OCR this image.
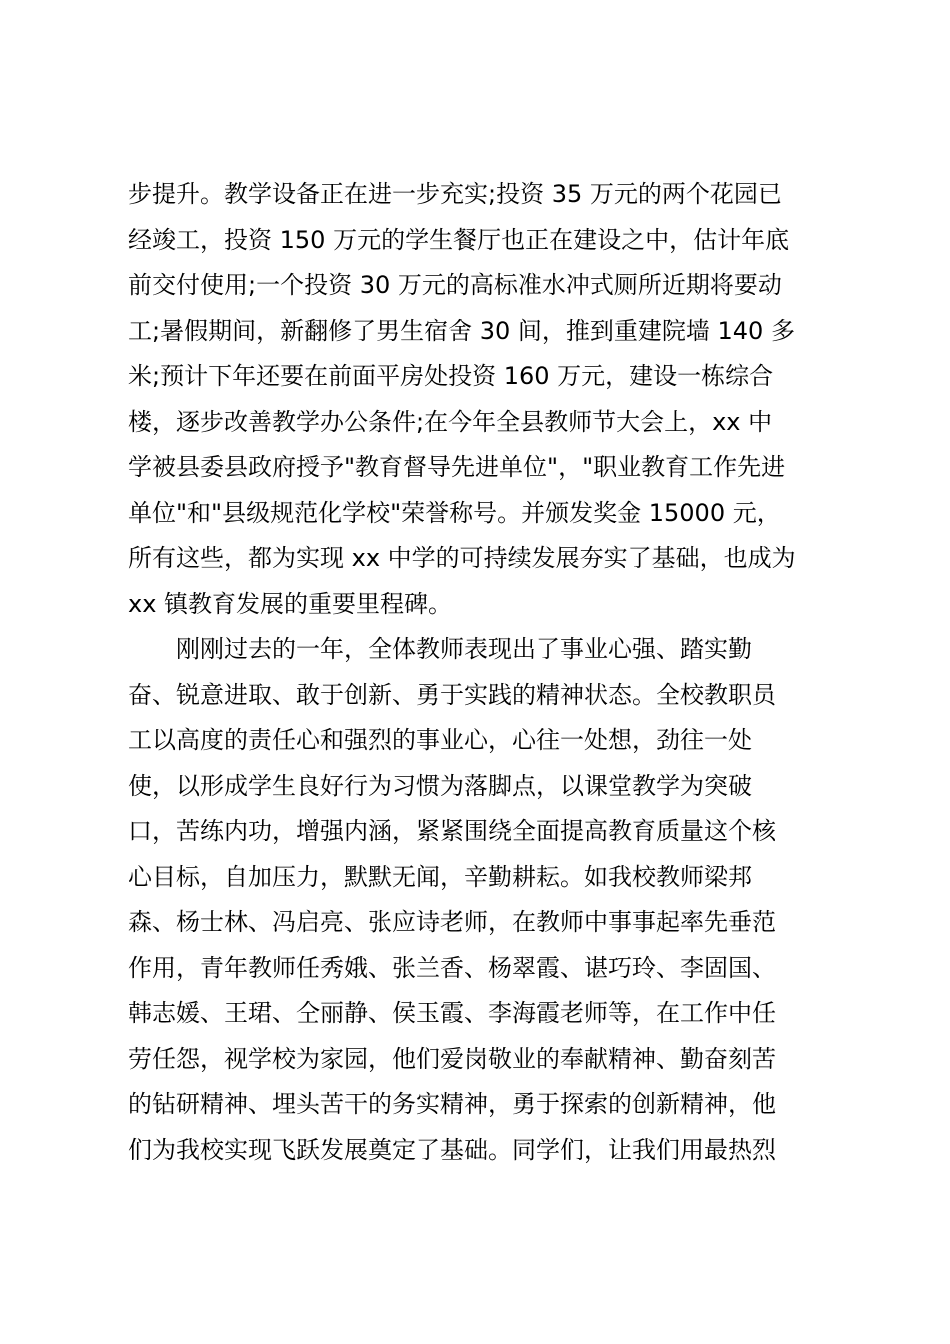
步提升。教学设备正在进一步充实;投资 35 万元的两个花园已
经竣工，投资 150 万元的学生餐厅也正在建设之中，估计年底
前交付使用;一个投资 30 万元的高标准水冲式厕所近期将要动
工;暑假期间，新翻修了男生宿舍 30 间，推到重建院墙 140 多
米;预计下年还要在前面平房处投资 160 万元，建设一栋综合
楼，逐步改善教学办公条件;在今年全县教师节大会上，xx 中
学被县委县政府授予"教育督导先进单位"，"职业教育工作先进
单位"和"县级规范化学校"荣誉称号。并颁发奖金 15000 元，
所有这些，都为实现 xx 中学的可持续发展夯实了基础，也成为
xx 镇教育发展的重要里程碑。
刚刚过去的一年，全体教师表现出了事业心强、踏实勤
奋、锐意进取、敢于创新、勇于实践的精神状态。全校教职员
工以高度的责任心和强烈的事业心，心往一处想，劲往一处
使，以形成学生良好行为习惯为落脚点，以课堂教学为突破
口，苦练内功，增强内涵，紧紧围绕全面提高教育质量这个核
心目标，自加压力，默默无闻，辛勤耕耘。如我校教师梁邦
森、杨士林、冯启亮、张应诗老师，在教师中事事起率先垂范
作用，青年教师任秀娥、张兰香、杨翠霞、谌巧玲、李固国、
韩志媛、王珺、仝丽静、侯玉霞、李海霞老师等，在工作中任
劳任怨，视学校为家园，他们爱岗敬业的奉献精神、勤奋刻苦
的钻研精神、埋头苦干的务实精神，勇于探索的创新精神，他
们为我校实现飞跃发展奠定了基础。同学们，让我们用最热烈
